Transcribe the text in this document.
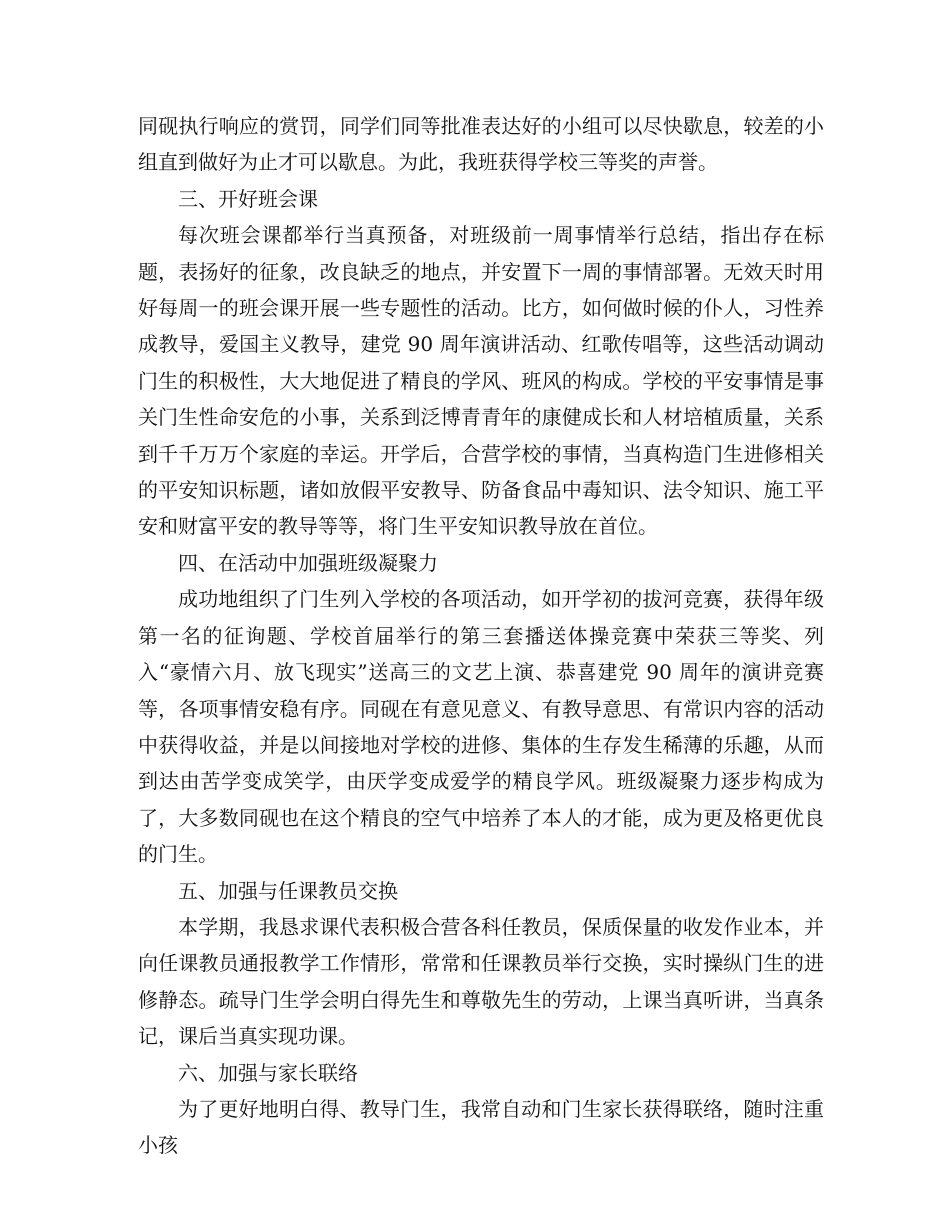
同砚执行响应的赏罚，同学们同等批准表达好的小组可以尽快歇息，较差的小组直到做好为止才可以歇息。为此，我班获得学校三等奖的声誉。

三、开好班会课

每次班会课都举行当真预备，对班级前一周事情举行总结，指出存在标题，表扬好的征象，改良缺乏的地点，并安置下一周的事情部署。无效天时用好每周一的班会课开展一些专题性的活动。比方，如何做时候的仆人，习性养成教导，爱国主义教导，建党 90 周年演讲活动、红歌传唱等，这些活动调动门生的积极性，大大地促进了精良的学风、班风的构成。学校的平安事情是事关门生性命安危的小事，关系到泛博青青年的康健成长和人材培植质量，关系到千千万万个家庭的幸运。开学后，合营学校的事情，当真构造门生进修相关的平安知识标题，诸如放假平安教导、防备食品中毒知识、法令知识、施工平安和财富平安的教导等等，将门生平安知识教导放在首位。

四、在活动中加强班级凝聚力

成功地组织了门生列入学校的各项活动，如开学初的拔河竞赛，获得年级第一名的征询题、学校首届举行的第三套播送体操竞赛中荣获三等奖、列入“豪情六月、放飞现实”送高三的文艺上演、恭喜建党 90 周年的演讲竞赛等，各项事情安稳有序。同砚在有意见意义、有教导意思、有常识内容的活动中获得收益，并是以间接地对学校的进修、集体的生存发生稀薄的乐趣，从而到达由苦学变成笑学，由厌学变成爱学的精良学风。班级凝聚力逐步构成为了，大多数同砚也在这个精良的空气中培养了本人的才能，成为更及格更优良的门生。

五、加强与任课教员交换

本学期，我恳求课代表积极合营各科任教员，保质保量的收发作业本，并向任课教员通报教学工作情形，常常和任课教员举行交换，实时操纵门生的进修静态。疏导门生学会明白得先生和尊敬先生的劳动，上课当真听讲，当真条记，课后当真实现功课。

六、加强与家长联络

为了更好地明白得、教导门生，我常自动和门生家长获得联络，随时注重小孩
